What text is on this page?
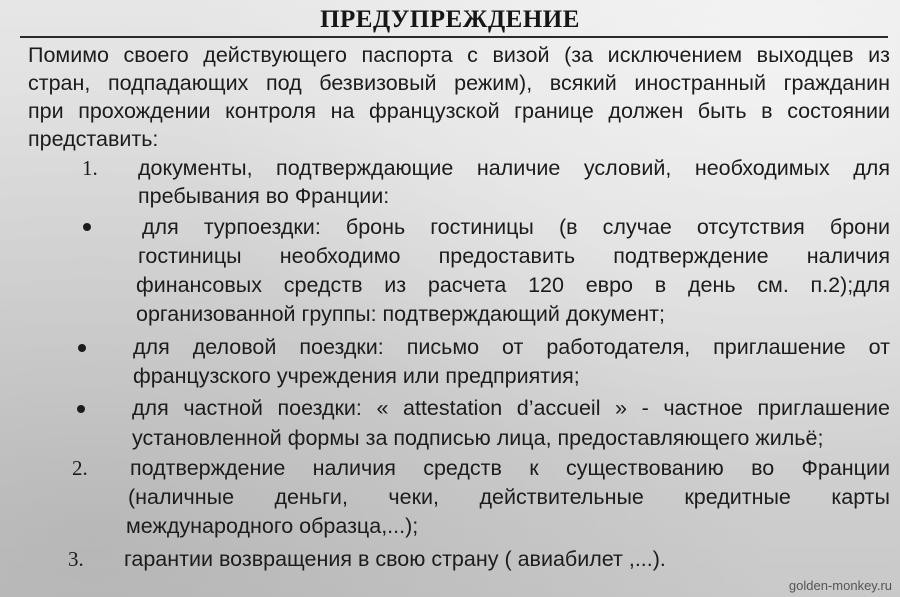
ПРЕДУПРЕЖДЕНИЕ
Помимо своего действующего паспорта с визой (за исключением выходцев из
стран, подпадающих под безвизовый режим), всякий иностранный гражданин
при прохождении контроля на французской границе должен быть в состоянии
представить:
1. документы, подтверждающие наличие условий, необходимых для
пребывания во Франции:
для турпоездки: бронь гостиницы (в случае отсутствия брони
гостиницы необходимо предоставить подтверждение наличия
финансовых средств из расчета 120 евро в день см. п.2);для
организованной группы: подтверждающий документ;
для деловой поездки: письмо от работодателя, приглашение от
французского учреждения или предприятия;
для частной поездки: « attestation d’accueil » - частное приглашение
установленной формы за подписью лица, предоставляющего жильё;
2. подтверждение наличия средств к существованию во Франции
(наличные деньги, чеки, действительные кредитные карты
международного образца,...);
3. гарантии возвращения в свою страну ( авиабилет ,...).
golden-monkey.ru
